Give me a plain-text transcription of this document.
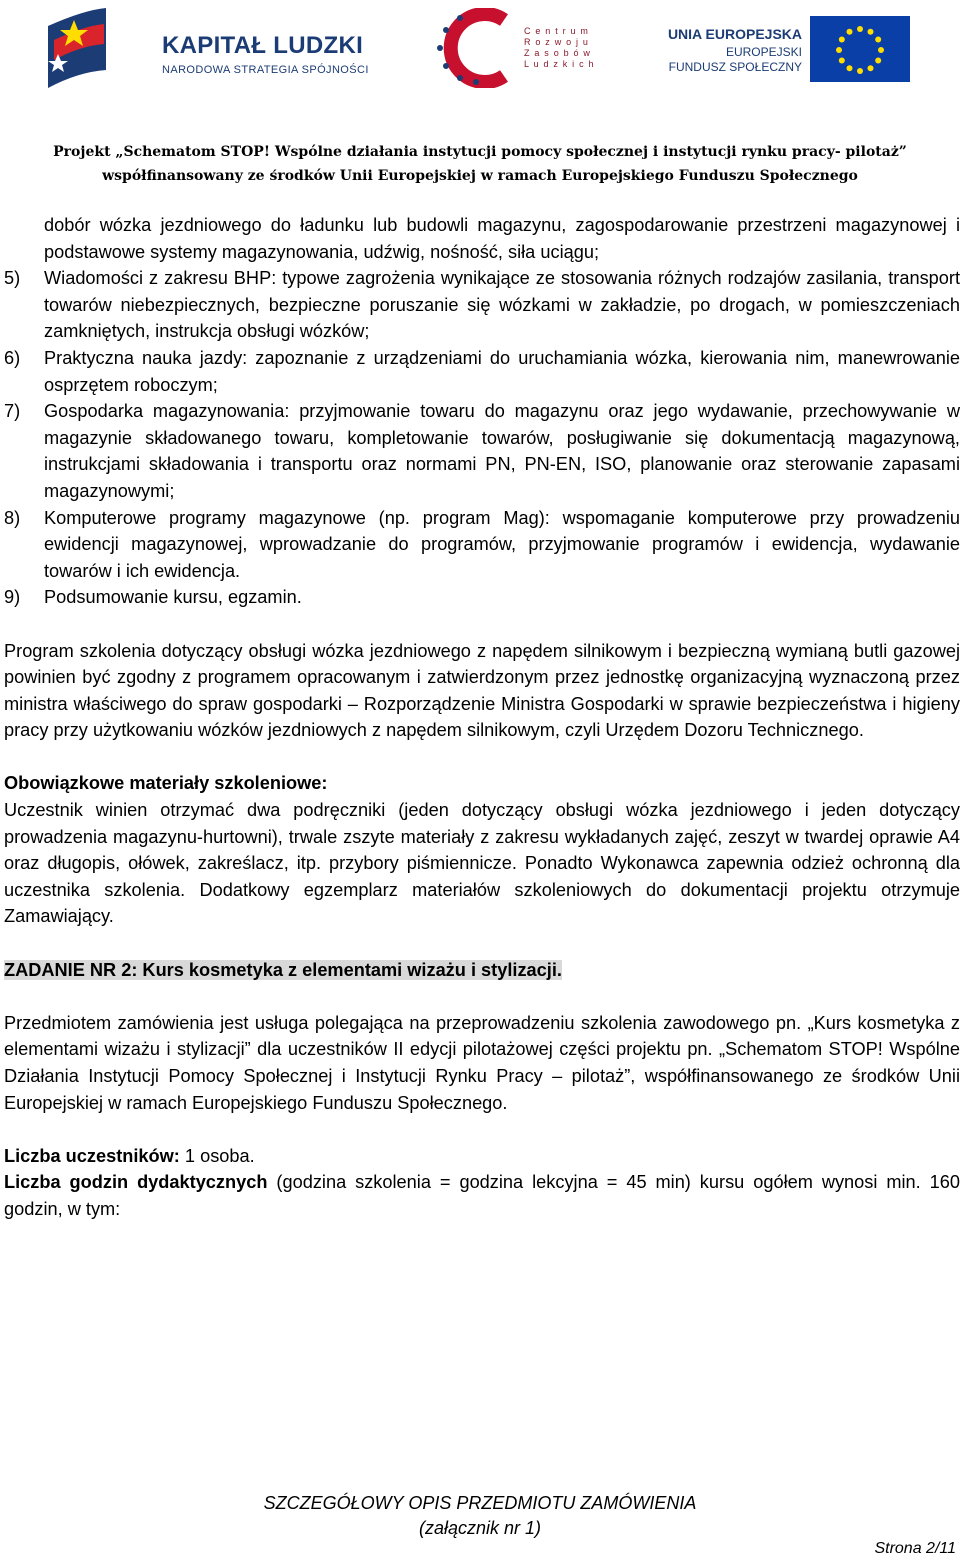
KAPITAŁ LUDZKI
NARODOWA STRATEGIA SPÓJNOŚCI
C e n t r u m
R o z w o j u
Z a s o b ó w
L u d z k i c h
UNIA EUROPEJSKA
EUROPEJSKI
FUNDUSZ SPOŁECZNY
Projekt „Schematom STOP! Wspólne działania instytucji pomocy społecznej i instytucji rynku pracy- pilotaż”
współfinansowany ze środków Unii Europejskiej w ramach Europejskiego Funduszu Społecznego

dobór wózka jezdniowego do ładunku lub budowli magazynu, zagospodarowanie przestrzeni magazynowej i podstawowe systemy magazynowania, udźwig, nośność, siła uciągu;

5) Wiadomości z zakresu BHP: typowe zagrożenia wynikające ze stosowania różnych rodzajów zasilania, transport towarów niebezpiecznych, bezpieczne poruszanie się wózkami w zakładzie, po drogach, w pomieszczeniach zamkniętych, instrukcja obsługi wózków;

6) Praktyczna nauka jazdy: zapoznanie z urządzeniami do uruchamiania wózka, kierowania nim, manewrowanie osprzętem roboczym;

7) Gospodarka magazynowania: przyjmowanie towaru do magazynu oraz jego wydawanie, przechowywanie w magazynie składowanego towaru, kompletowanie towarów, posługiwanie się dokumentacją magazynową, instrukcjami składowania i transportu oraz normami PN, PN-EN, ISO, planowanie oraz sterowanie zapasami magazynowymi;

8) Komputerowe programy magazynowe (np. program Mag): wspomaganie komputerowe przy prowadzeniu ewidencji magazynowej, wprowadzanie do programów, przyjmowanie programów i ewidencja, wydawanie towarów i ich ewidencja.

9) Podsumowanie kursu, egzamin.

Program szkolenia dotyczący obsługi wózka jezdniowego z napędem silnikowym i bezpieczną wymianą butli gazowej powinien być zgodny z programem opracowanym i zatwierdzonym przez jednostkę organizacyjną wyznaczoną przez ministra właściwego do spraw gospodarki – Rozporządzenie Ministra Gospodarki w sprawie bezpieczeństwa i higieny pracy przy użytkowaniu wózków jezdniowych z napędem silnikowym, czyli Urzędem Dozoru Technicznego.

Obowiązkowe materiały szkoleniowe:

Uczestnik winien otrzymać dwa podręczniki (jeden dotyczący obsługi wózka jezdniowego i jeden dotyczący prowadzenia magazynu-hurtowni), trwale zszyte materiały z zakresu wykładanych zajęć, zeszyt w twardej oprawie A4 oraz długopis, ołówek, zakreślacz, itp. przybory piśmiennicze. Ponadto Wykonawca zapewnia odzież ochronną dla uczestnika szkolenia. Dodatkowy egzemplarz materiałów szkoleniowych do dokumentacji projektu otrzymuje Zamawiający.

ZADANIE NR 2: Kurs kosmetyka z elementami wizażu i stylizacji.

Przedmiotem zamówienia jest usługa polegająca na przeprowadzeniu szkolenia zawodowego pn. „Kurs kosmetyka z elementami wizażu i stylizacji” dla uczestników II edycji pilotażowej części projektu pn. „Schematom STOP! Wspólne Działania Instytucji Pomocy Społecznej i Instytucji Rynku Pracy – pilotaż”, współfinansowanego ze środków Unii Europejskiej w ramach Europejskiego Funduszu Społecznego.

Liczba uczestników: 1 osoba.

Liczba godzin dydaktycznych (godzina szkolenia = godzina lekcyjna = 45 min) kursu ogółem wynosi min. 160 godzin, w tym:

SZCZEGÓŁOWY OPIS PRZEDMIOTU ZAMÓWIENIA
(załącznik nr 1)
Strona 2/11
